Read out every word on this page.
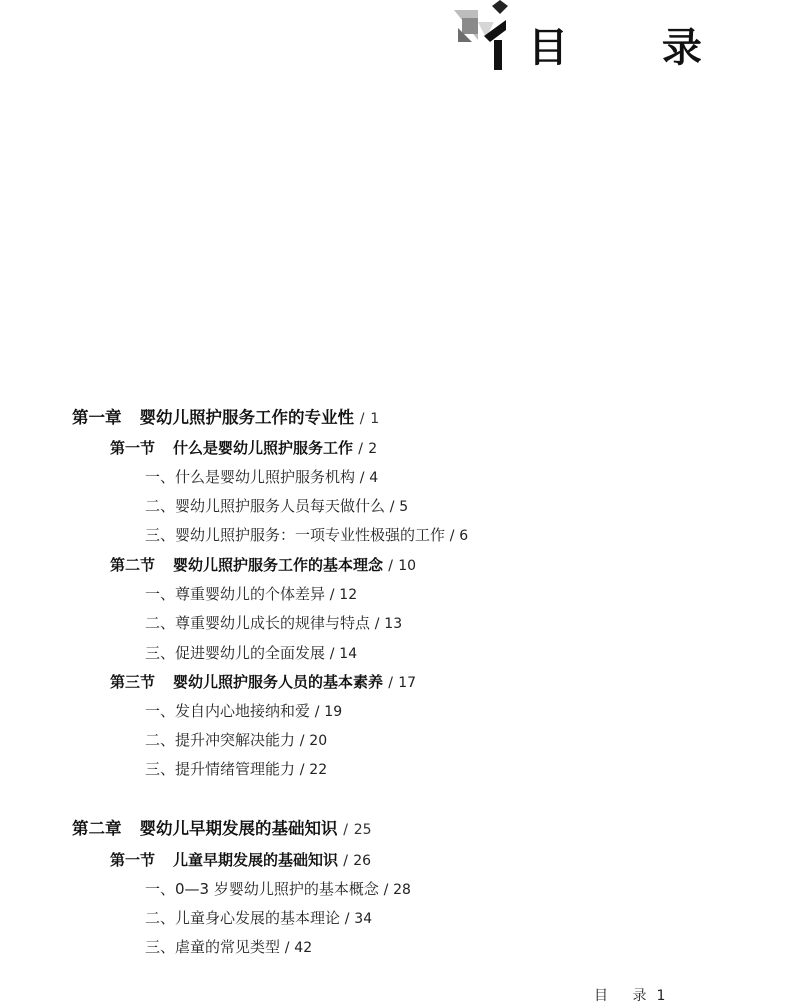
目 录
第一章 婴幼儿照护服务工作的专业性 / 1
第一节 什么是婴幼儿照护服务工作 / 2
一、什么是婴幼儿照护服务机构 / 4
二、婴幼儿照护服务人员每天做什么 / 5
三、婴幼儿照护服务：一项专业性极强的工作 / 6
第二节 婴幼儿照护服务工作的基本理念 / 10
一、尊重婴幼儿的个体差异 / 12
二、尊重婴幼儿成长的规律与特点 / 13
三、促进婴幼儿的全面发展 / 14
第三节 婴幼儿照护服务人员的基本素养 / 17
一、发自内心地接纳和爱 / 19
二、提升冲突解决能力 / 20
三、提升情绪管理能力 / 22
第二章 婴幼儿早期发展的基础知识 / 25
第一节 儿童早期发展的基础知识 / 26
一、0—3 岁婴幼儿照护的基本概念 / 28
二、儿童身心发展的基本理论 / 34
三、虐童的常见类型 / 42
目 录1
